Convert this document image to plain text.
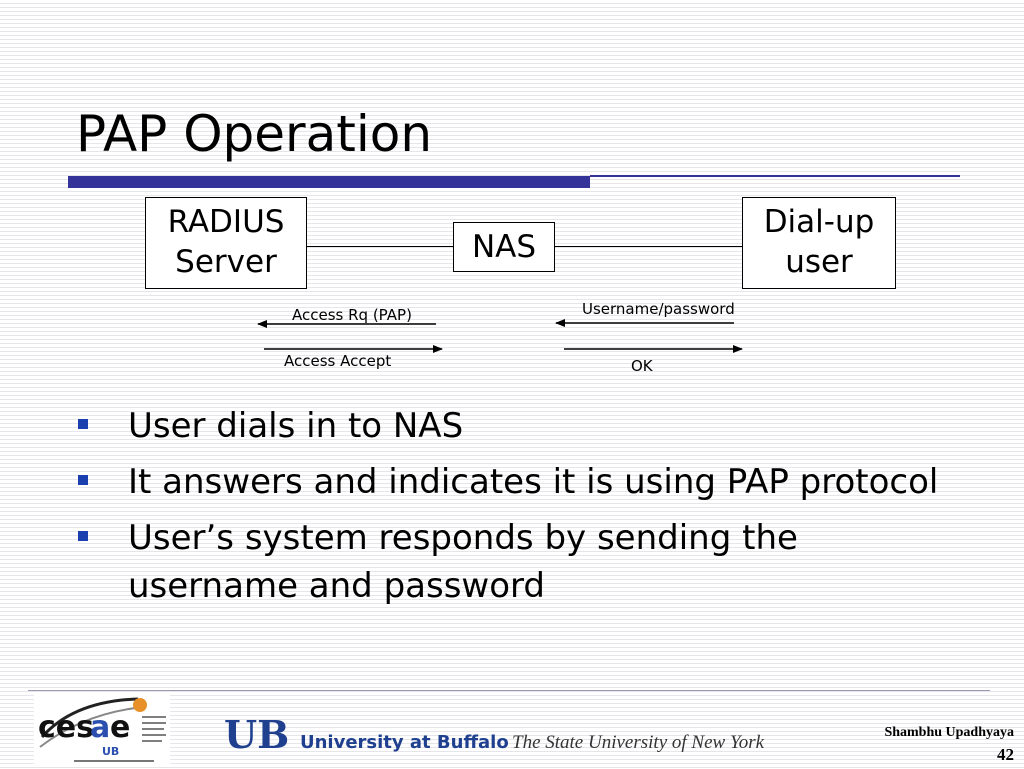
PAP Operation
RADIUS
Server	NAS
Dial-up
user
Access Rq (PAP)
Access Accept
Username/password
OK
User dials in to NAS
It answers and indicates it is using PAP protocol
User’s system responds by sending the username and password
ces
a e
UB	UB University at Buffalo The State University of New York	Shambhu Upadhyaya
42
